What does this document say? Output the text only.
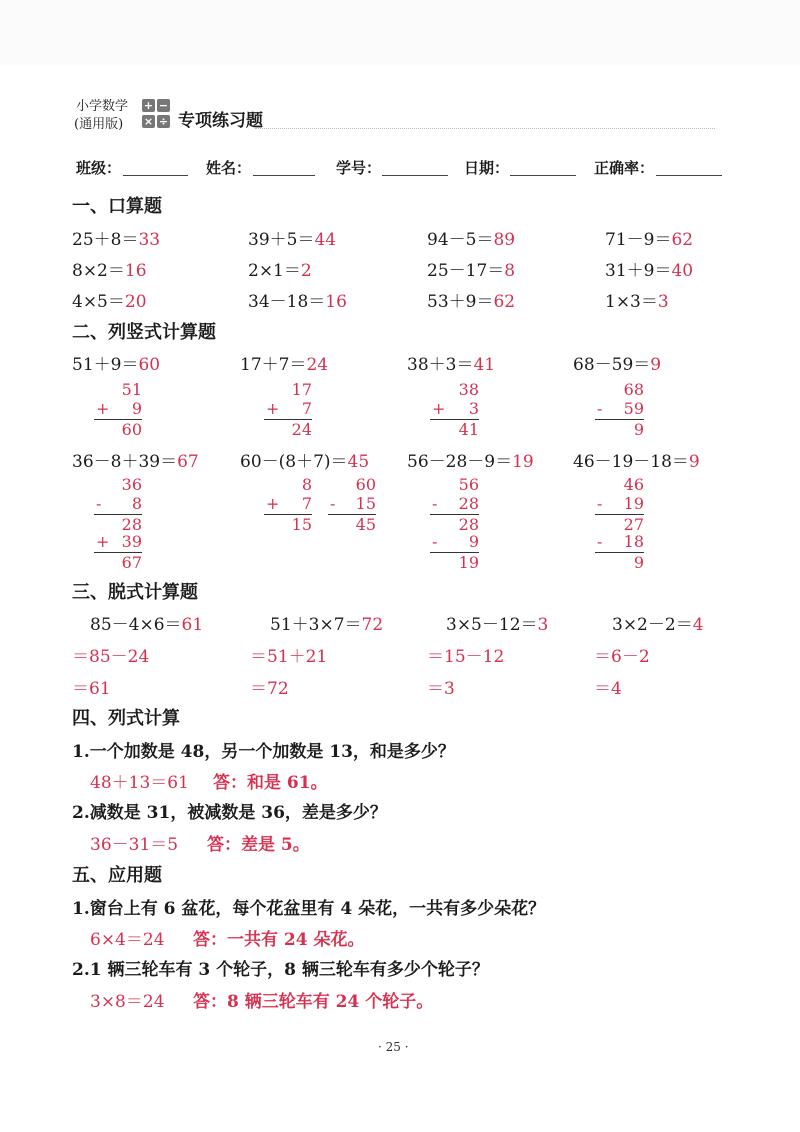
小学数学
(通用版)
+ −
× ÷ 专项练习题
班级：	姓名：	学号：	日期：	正确率：
一、口算题
25＋8＝33	39＋5＝44	94－5＝89	71－9＝62
8×2＝16	2×1＝2	25－17＝8	31＋9＝40
4×5＝20	34－18＝16	53＋9＝62	1×3＝3
二、列竖式计算题
51＋9＝60	17＋7＝24	38＋3＝41	68－59＝9
51
+	9
60
17
+	7
24
38
+	3
41
68
-	59
9
36－8＋39＝67 60－(8＋7)＝45 56－28－9＝19 46－19－18＝9
36
-	8
28
+ 39
67
8
+	7
15
60
-	15
45
56
-	28
28
-	9
19
46
-	19
27
-	18
9
三、脱式计算题
85－4×6＝61	51＋3×7＝72	3×5－12＝3	3×2－2＝4
＝85－24	＝51＋21	＝15－12	＝6－2
＝61	＝72	＝3	＝4
四、列式计算
1.一个加数是 48，另一个加数是 13，和是多少？
48＋13＝61 答：和是 61。
2.减数是 31，被减数是 36，差是多少？
36－31＝5 答：差是 5。
五、应用题
1.窗台上有 6 盆花，每个花盆里有 4 朵花，一共有多少朵花？
6×4＝24 答：一共有 24 朵花。
2.1 辆三轮车有 3 个轮子，8 辆三轮车有多少个轮子？
3×8＝24 答：8 辆三轮车有 24 个轮子。
· 25 ·
